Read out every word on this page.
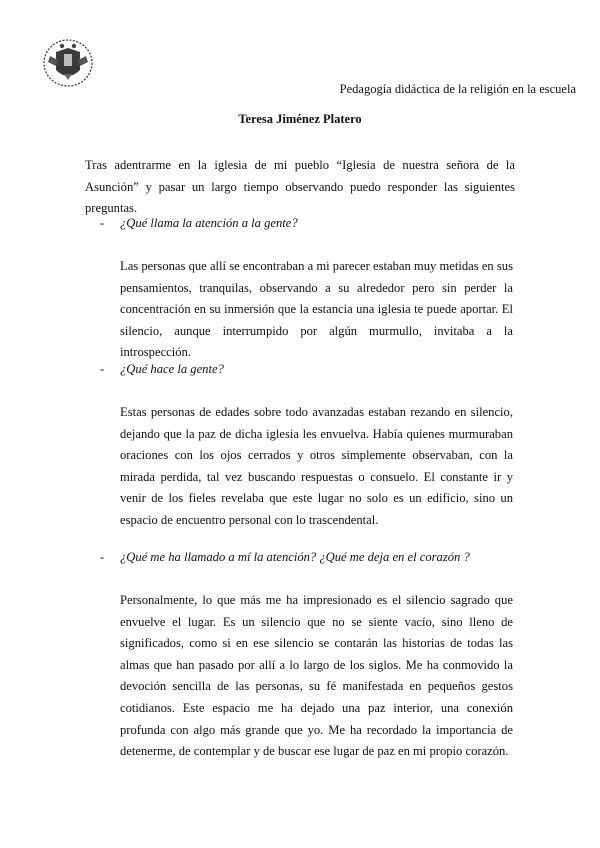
Pedagogía didáctica de la religión en la escuela
Teresa Jiménez Platero
Tras adentrarme en la iglesia de mi pueblo “Iglesia de nuestra señora de la Asunción” y pasar un largo tiempo observando puedo responder las siguientes preguntas.
- ¿Qué llama la atención a la gente?
Las personas que allí se encontraban a mi parecer estaban muy metidas en sus pensamientos, tranquilas, observando a su alrededor pero sin perder la concentración en su inmersión que la estancia una iglesia te puede aportar. El silencio, aunque interrumpido por algún murmullo, invitaba a la introspección.
- ¿Qué hace la gente?
Estas personas de edades sobre todo avanzadas estaban rezando en silencio, dejando que la paz de dicha iglesia les envuelva. Había quienes murmuraban oraciones con los ojos cerrados y otros simplemente observaban, con la mirada perdida, tal vez buscando respuestas o consuelo. El constante ir y venir de los fieles revelaba que este lugar no solo es un edificio, sino un espacio de encuentro personal con lo trascendental.
- ¿Qué me ha llamado a mí la atención? ¿Qué me deja en el corazón ?
Personalmente, lo que más me ha impresionado es el silencio sagrado que envuelve el lugar. Es un silencio que no se siente vacío, sino lleno de significados, como si en ese silencio se contarán las historias de todas las almas que han pasado por allí a lo largo de los siglos. Me ha conmovido la devoción sencilla de las personas, su fé manifestada en pequeños gestos cotidianos. Este espacio me ha dejado una paz interior, una conexión profunda con algo más grande que yo. Me ha recordado la importancia de detenerme, de contemplar y de buscar ese lugar de paz en mi propio corazón.
